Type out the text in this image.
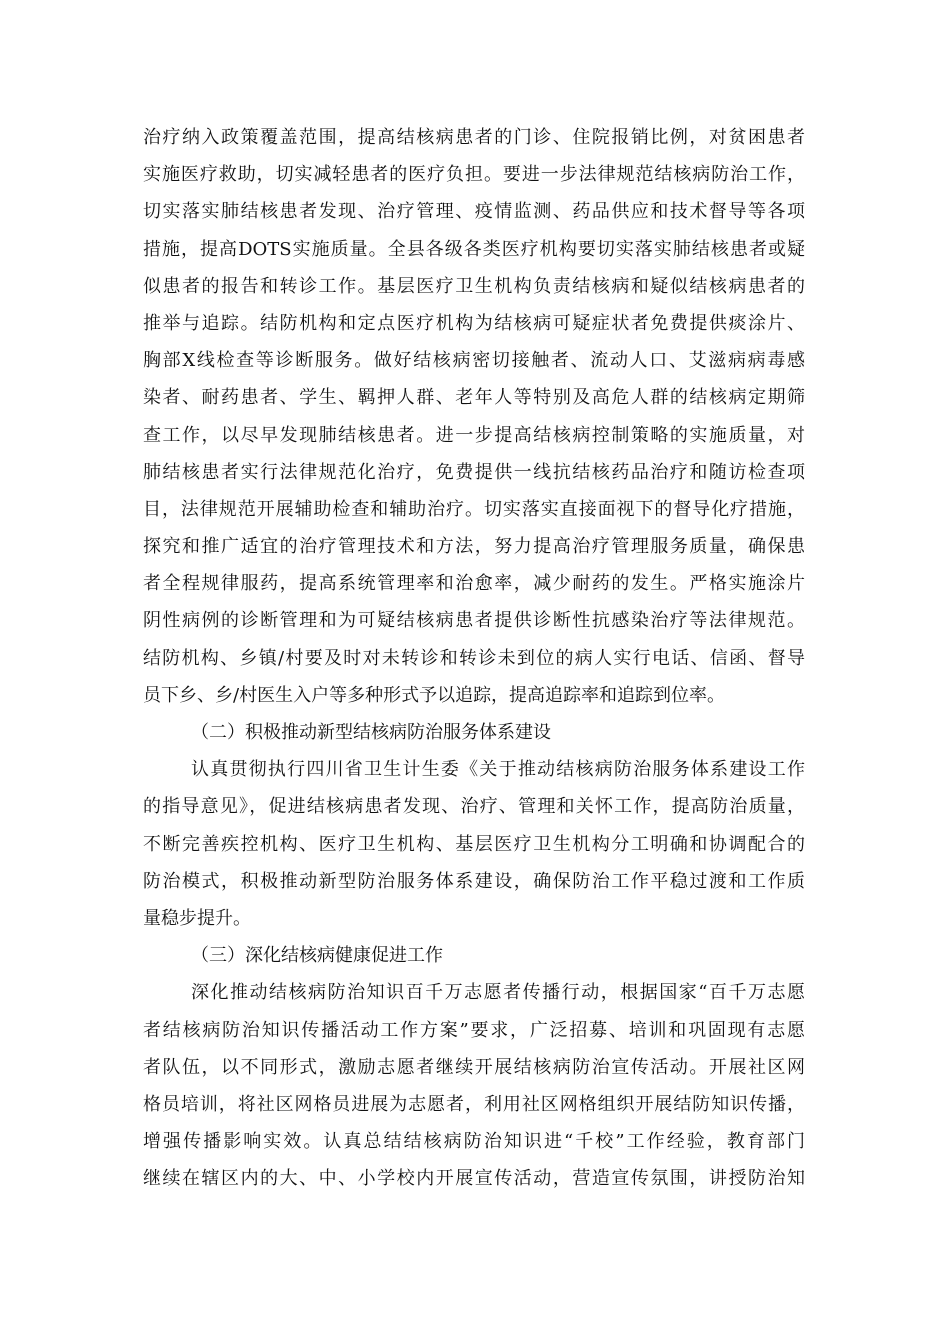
治疗纳入政策覆盖范围，提高结核病患者的门诊、住院报销比例，对贫困患者
实施医疗救助，切实减轻患者的医疗负担。要进一步法律规范结核病防治工作，
切实落实肺结核患者发现、治疗管理、疫情监测、药品供应和技术督导等各项
措施，提高DOTS实施质量。全县各级各类医疗机构要切实落实肺结核患者或疑
似患者的报告和转诊工作。基层医疗卫生机构负责结核病和疑似结核病患者的
推举与追踪。结防机构和定点医疗机构为结核病可疑症状者免费提供痰涂片、
胸部X线检查等诊断服务。做好结核病密切接触者、流动人口、艾滋病病毒感
染者、耐药患者、学生、羁押人群、老年人等特别及高危人群的结核病定期筛
查工作，以尽早发现肺结核患者。进一步提高结核病控制策略的实施质量，对
肺结核患者实行法律规范化治疗，免费提供一线抗结核药品治疗和随访检查项
目，法律规范开展辅助检查和辅助治疗。切实落实直接面视下的督导化疗措施，
探究和推广适宜的治疗管理技术和方法，努力提高治疗管理服务质量，确保患
者全程规律服药，提高系统管理率和治愈率，减少耐药的发生。严格实施涂片
阴性病例的诊断管理和为可疑结核病患者提供诊断性抗感染治疗等法律规范。
结防机构、乡镇/村要及时对未转诊和转诊未到位的病人实行电话、信函、督导
员下乡、乡/村医生入户等多种形式予以追踪，提高追踪率和追踪到位率。
（二）积极推动新型结核病防治服务体系建设
认真贯彻执行四川省卫生计生委《关于推动结核病防治服务体系建设工作
的指导意见》，促进结核病患者发现、治疗、管理和关怀工作，提高防治质量，
不断完善疾控机构、医疗卫生机构、基层医疗卫生机构分工明确和协调配合的
防治模式，积极推动新型防治服务体系建设，确保防治工作平稳过渡和工作质
量稳步提升。
（三）深化结核病健康促进工作
深化推动结核病防治知识百千万志愿者传播行动，根据国家“百千万志愿
者结核病防治知识传播活动工作方案”要求，广泛招募、培训和巩固现有志愿
者队伍，以不同形式，激励志愿者继续开展结核病防治宣传活动。开展社区网
格员培训，将社区网格员进展为志愿者，利用社区网格组织开展结防知识传播，
增强传播影响实效。认真总结结核病防治知识进“千校”工作经验，教育部门
继续在辖区内的大、中、小学校内开展宣传活动，营造宣传氛围，讲授防治知
